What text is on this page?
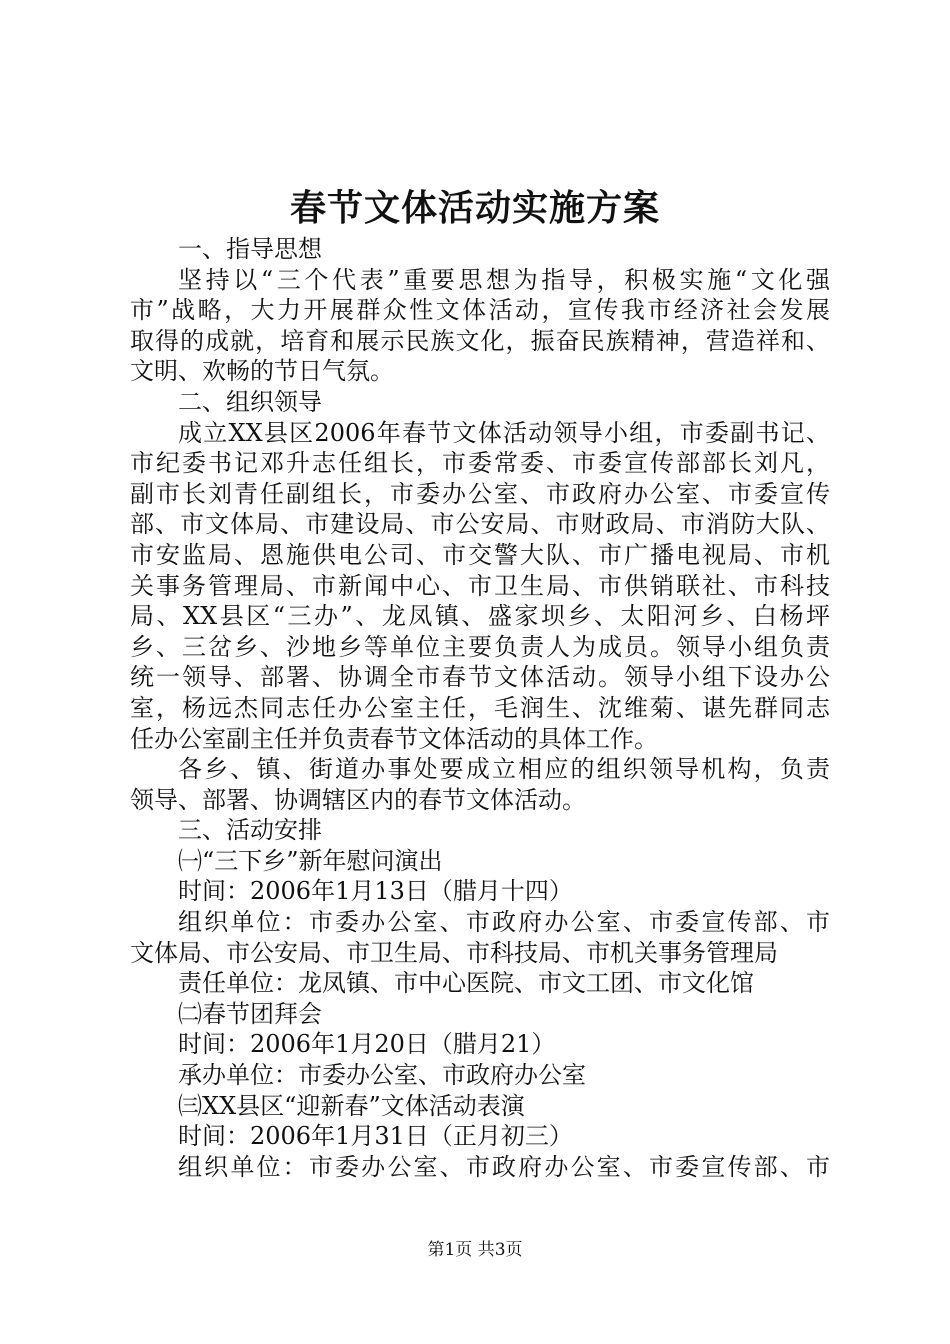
春节文体活动实施方案
一、指导思想
坚持以“三个代表”重要思想为指导，积极实施“文化强
市”战略，大力开展群众性文体活动，宣传我市经济社会发展
取得的成就，培育和展示民族文化，振奋民族精神，营造祥和、
文明、欢畅的节日气氛。
二、组织领导
成立XX县区2006年春节文体活动领导小组，市委副书记、
市纪委书记邓升志任组长，市委常委、市委宣传部部长刘凡，
副市长刘青任副组长，市委办公室、市政府办公室、市委宣传
部、市文体局、市建设局、市公安局、市财政局、市消防大队、
市安监局、恩施供电公司、市交警大队、市广播电视局、市机
关事务管理局、市新闻中心、市卫生局、市供销联社、市科技
局、XX县区“三办”、龙凤镇、盛家坝乡、太阳河乡、白杨坪
乡、三岔乡、沙地乡等单位主要负责人为成员。领导小组负责
统一领导、部署、协调全市春节文体活动。领导小组下设办公
室，杨远杰同志任办公室主任，毛润生、沈维菊、谌先群同志
任办公室副主任并负责春节文体活动的具体工作。
各乡、镇、街道办事处要成立相应的组织领导机构，负责
领导、部署、协调辖区内的春节文体活动。
三、活动安排
㈠“三下乡”新年慰问演出
时间：2006年1月13日（腊月十四）
组织单位：市委办公室、市政府办公室、市委宣传部、市
文体局、市公安局、市卫生局、市科技局、市机关事务管理局
责任单位：龙凤镇、市中心医院、市文工团、市文化馆
㈡春节团拜会
时间：2006年1月20日（腊月21）
承办单位：市委办公室、市政府办公室
㈢XX县区“迎新春”文体活动表演
时间：2006年1月31日（正月初三）
组织单位：市委办公室、市政府办公室、市委宣传部、市
第1页 共3页
